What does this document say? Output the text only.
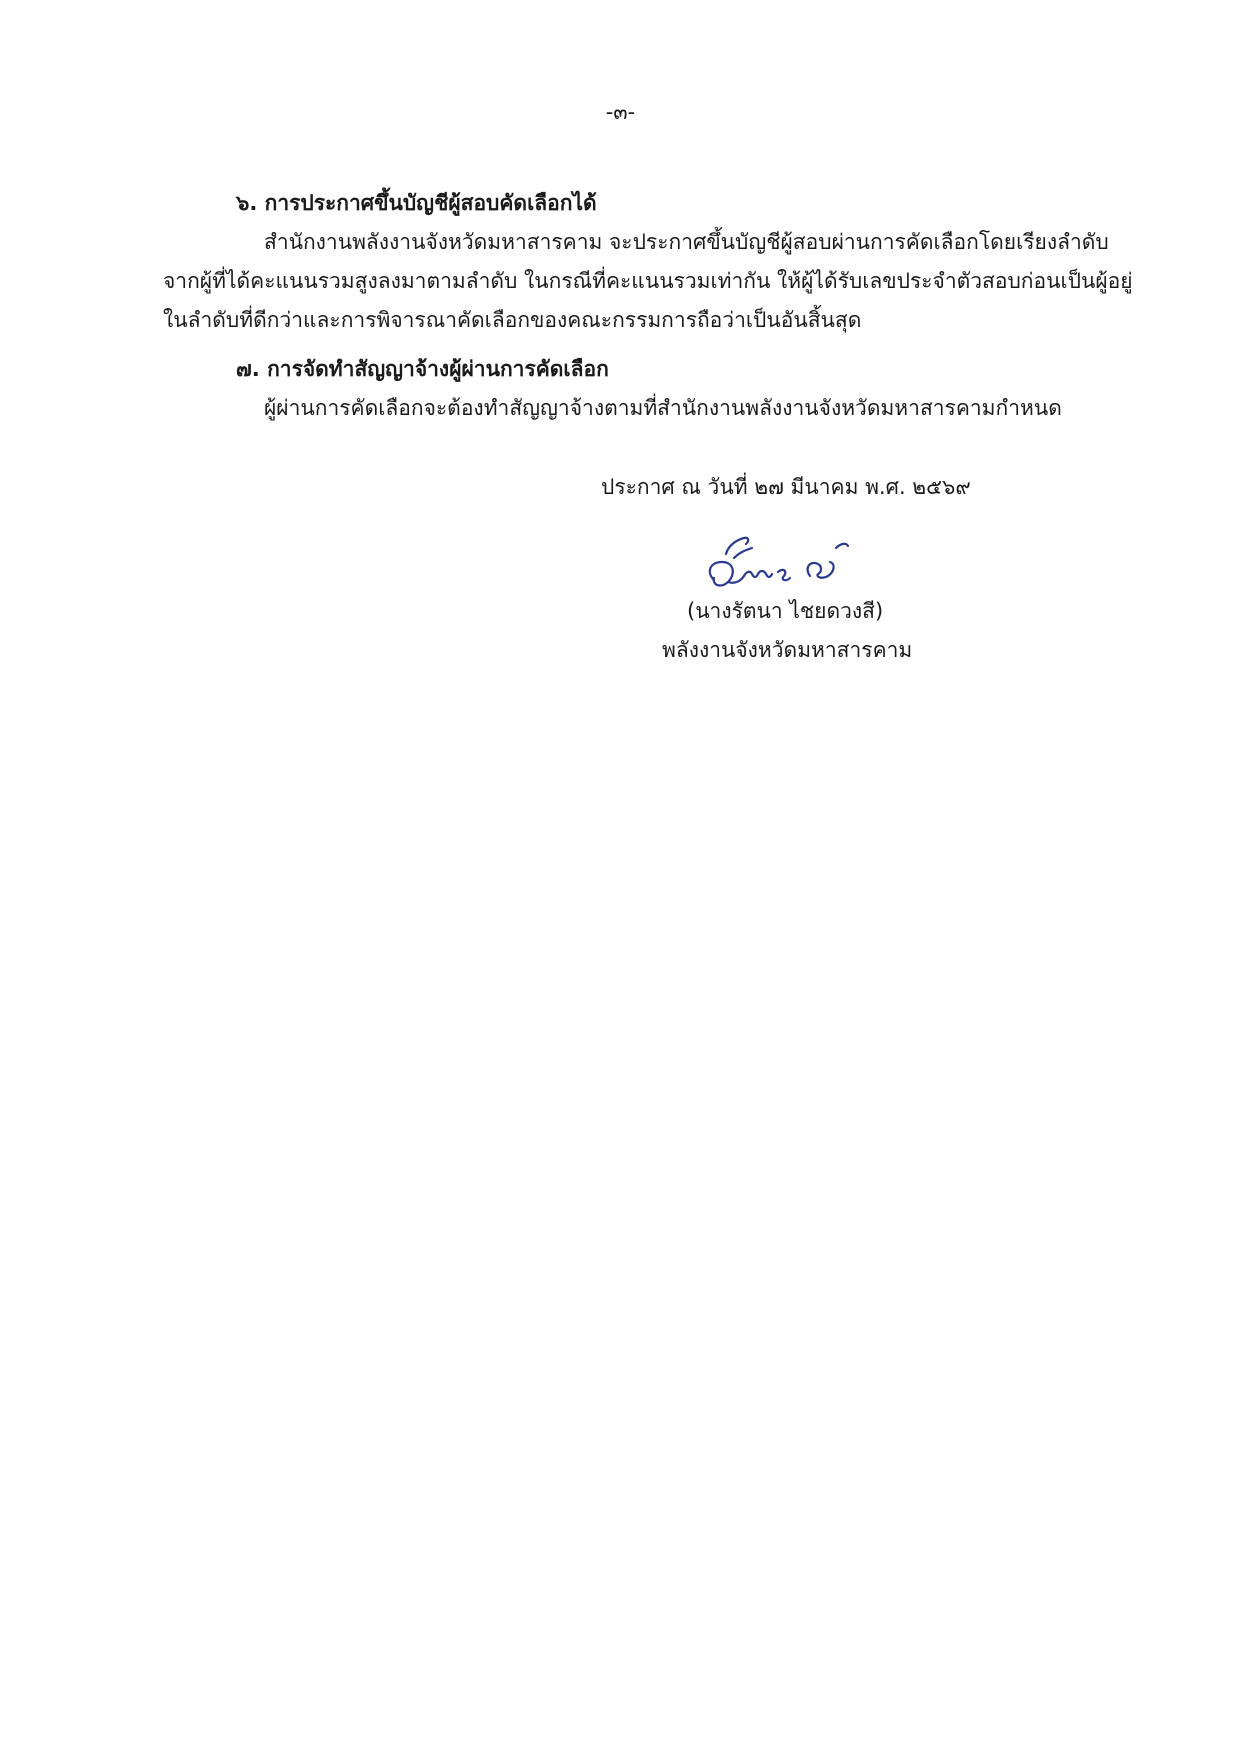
-๓-
๖. การประกาศขึ้นบัญชีผู้สอบคัดเลือกได้
สำนักงานพลังงานจังหวัดมหาสารคาม จะประกาศขึ้นบัญชีผู้สอบผ่านการคัดเลือกโดยเรียงลำดับ
จากผู้ที่ได้คะแนนรวมสูงลงมาตามลำดับ ในกรณีที่คะแนนรวมเท่ากัน ให้ผู้ได้รับเลขประจำตัวสอบก่อนเป็นผู้อยู่
ในลำดับที่ดีกว่าและการพิจารณาคัดเลือกของคณะกรรมการถือว่าเป็นอันสิ้นสุด
๗. การจัดทำสัญญาจ้างผู้ผ่านการคัดเลือก
ผู้ผ่านการคัดเลือกจะต้องทำสัญญาจ้างตามที่สำนักงานพลังงานจังหวัดมหาสารคามกำหนด
ประกาศ ณ วันที่ ๒๗ มีนาคม พ.ศ. ๒๕๖๙
(นางรัตนา ไชยดวงสี)
พลังงานจังหวัดมหาสารคาม
